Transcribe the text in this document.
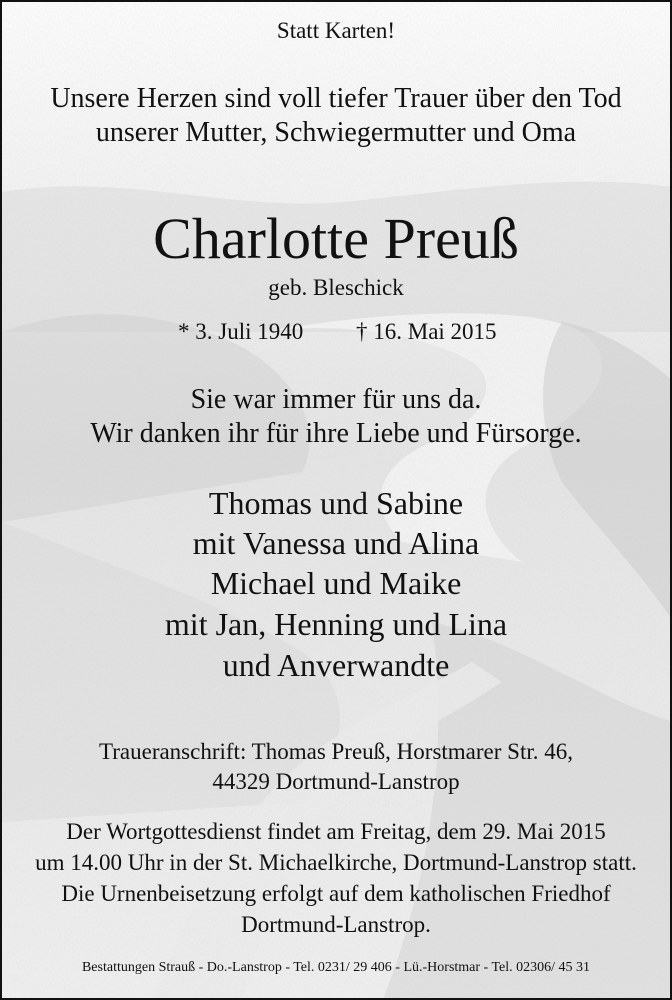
Statt Karten!
Unsere Herzen sind voll tiefer Trauer über den Tod
unserer Mutter, Schwiegermutter und Oma
Charlotte Preuß
geb. Bleschick
* 3. Juli 1940 † 16. Mai 2015
Sie war immer für uns da.
Wir danken ihr für ihre Liebe und Fürsorge.
Thomas und Sabine
mit Vanessa und Alina
Michael und Maike
mit Jan, Henning und Lina
und Anverwandte
Traueranschrift: Thomas Preuß, Horstmarer Str. 46,
44329 Dortmund-Lanstrop
Der Wortgottesdienst findet am Freitag, dem 29. Mai 2015
um 14.00 Uhr in der St. Michaelkirche, Dortmund-Lanstrop statt.
Die Urnenbeisetzung erfolgt auf dem katholischen Friedhof
Dortmund-Lanstrop.
Bestattungen Strauß - Do.-Lanstrop - Tel. 0231/ 29 406 - Lü.-Horstmar - Tel. 02306/ 45 31
